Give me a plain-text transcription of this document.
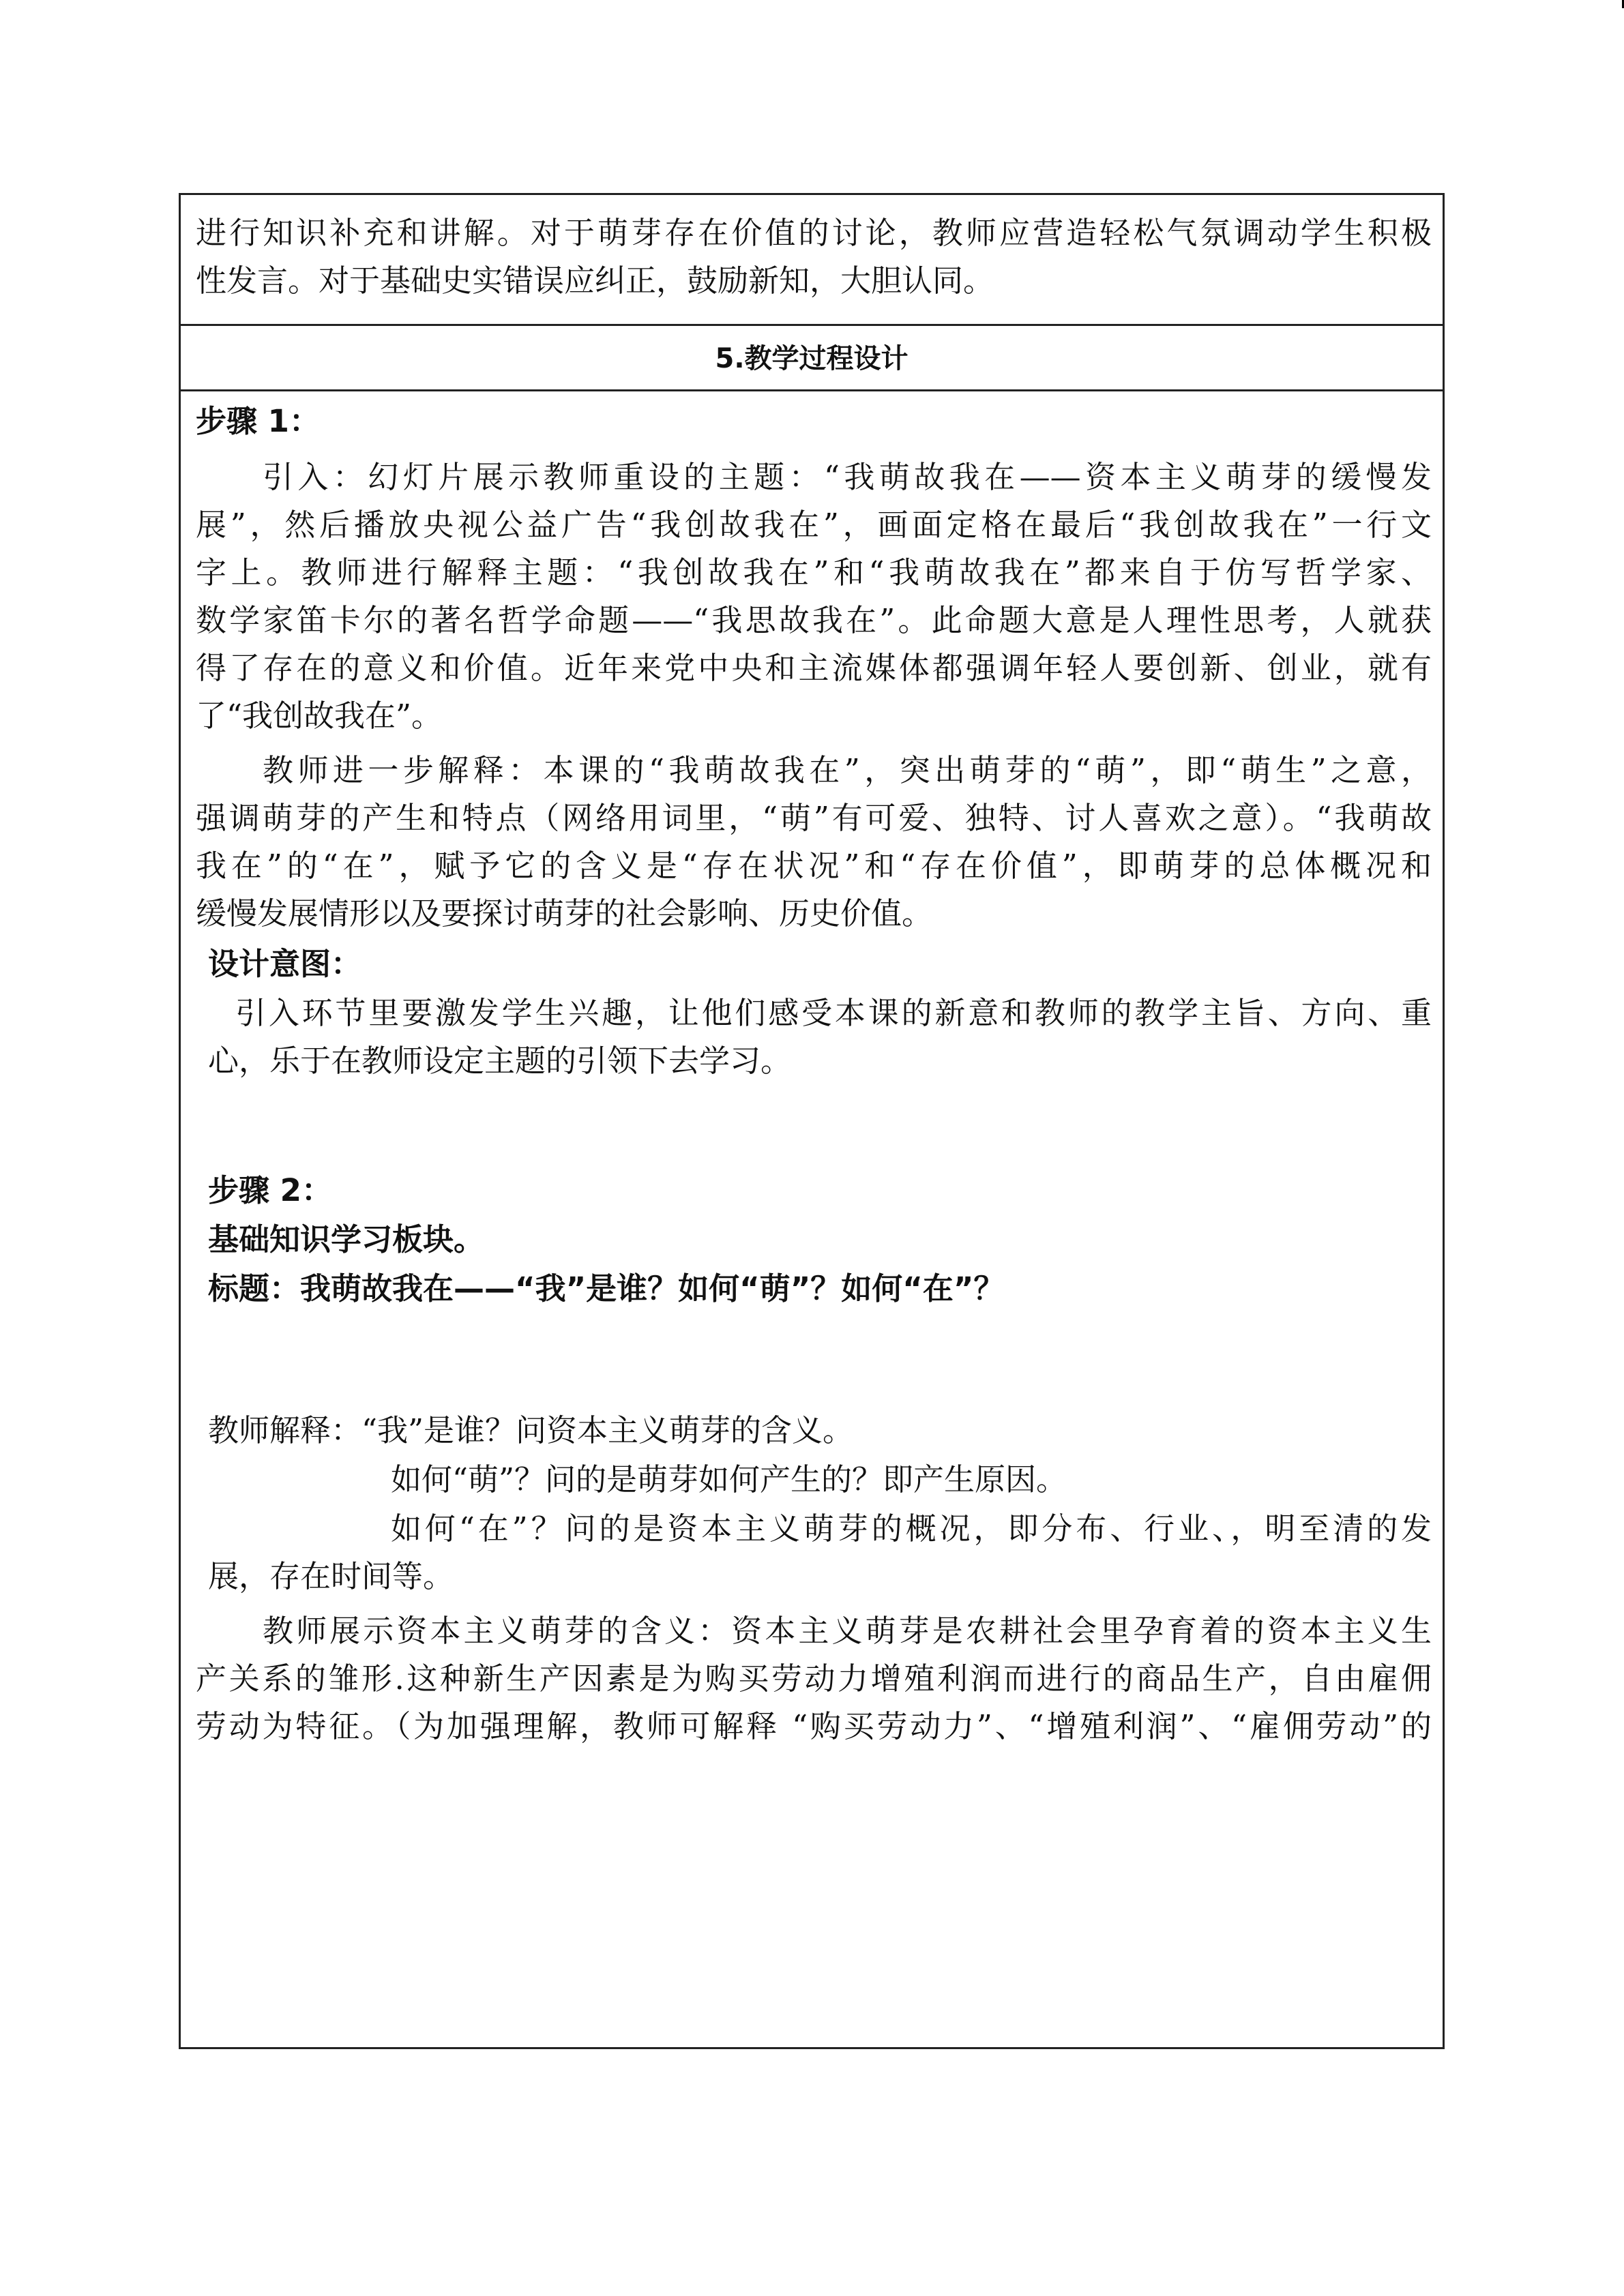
进行知识补充和讲解。对于萌芽存在价值的讨论，教师应营造轻松气氛调动学生积极
性发言。对于基础史实错误应纠正，鼓励新知，大胆认同。
5.教学过程设计
步骤 1：
引入：幻灯片展示教师重设的主题：“我萌故我在——资本主义萌芽的缓慢发
展”，然后播放央视公益广告“我创故我在”，画面定格在最后“我创故我在”一行文
字上。教师进行解释主题：“我创故我在”和“我萌故我在”都来自于仿写哲学家、
数学家笛卡尔的著名哲学命题——“我思故我在”。此命题大意是人理性思考，人就获
得了存在的意义和价值。近年来党中央和主流媒体都强调年轻人要创新、创业，就有
了“我创故我在”。
教师进一步解释：本课的“我萌故我在”，突出萌芽的“萌”，即“萌生”之意，
强调萌芽的产生和特点（网络用词里，“萌”有可爱、独特、讨人喜欢之意）。“我萌故
我在”的“在”，赋予它的含义是“存在状况”和“存在价值”，即萌芽的总体概况和
缓慢发展情形以及要探讨萌芽的社会影响、历史价值。
设计意图：
引入环节里要激发学生兴趣，让他们感受本课的新意和教师的教学主旨、方向、重
心，乐于在教师设定主题的引领下去学习。
步骤 2：
基础知识学习板块。
标题：我萌故我在——“我”是谁？如何“萌”？如何“在”？
教师解释：“我”是谁？问资本主义萌芽的含义。
如何“萌”？问的是萌芽如何产生的？即产生原因。
如何“在”？问的是资本主义萌芽的概况，即分布、行业、，明至清的发
展，存在时间等。
教师展示资本主义萌芽的含义：资本主义萌芽是农耕社会里孕育着的资本主义生
产关系的雏形.这种新生产因素是为购买劳动力增殖利润而进行的商品生产，自由雇佣
劳动为特征。（为加强理解，教师可解释 “购买劳动力”、“增殖利润”、“雇佣劳动”的
